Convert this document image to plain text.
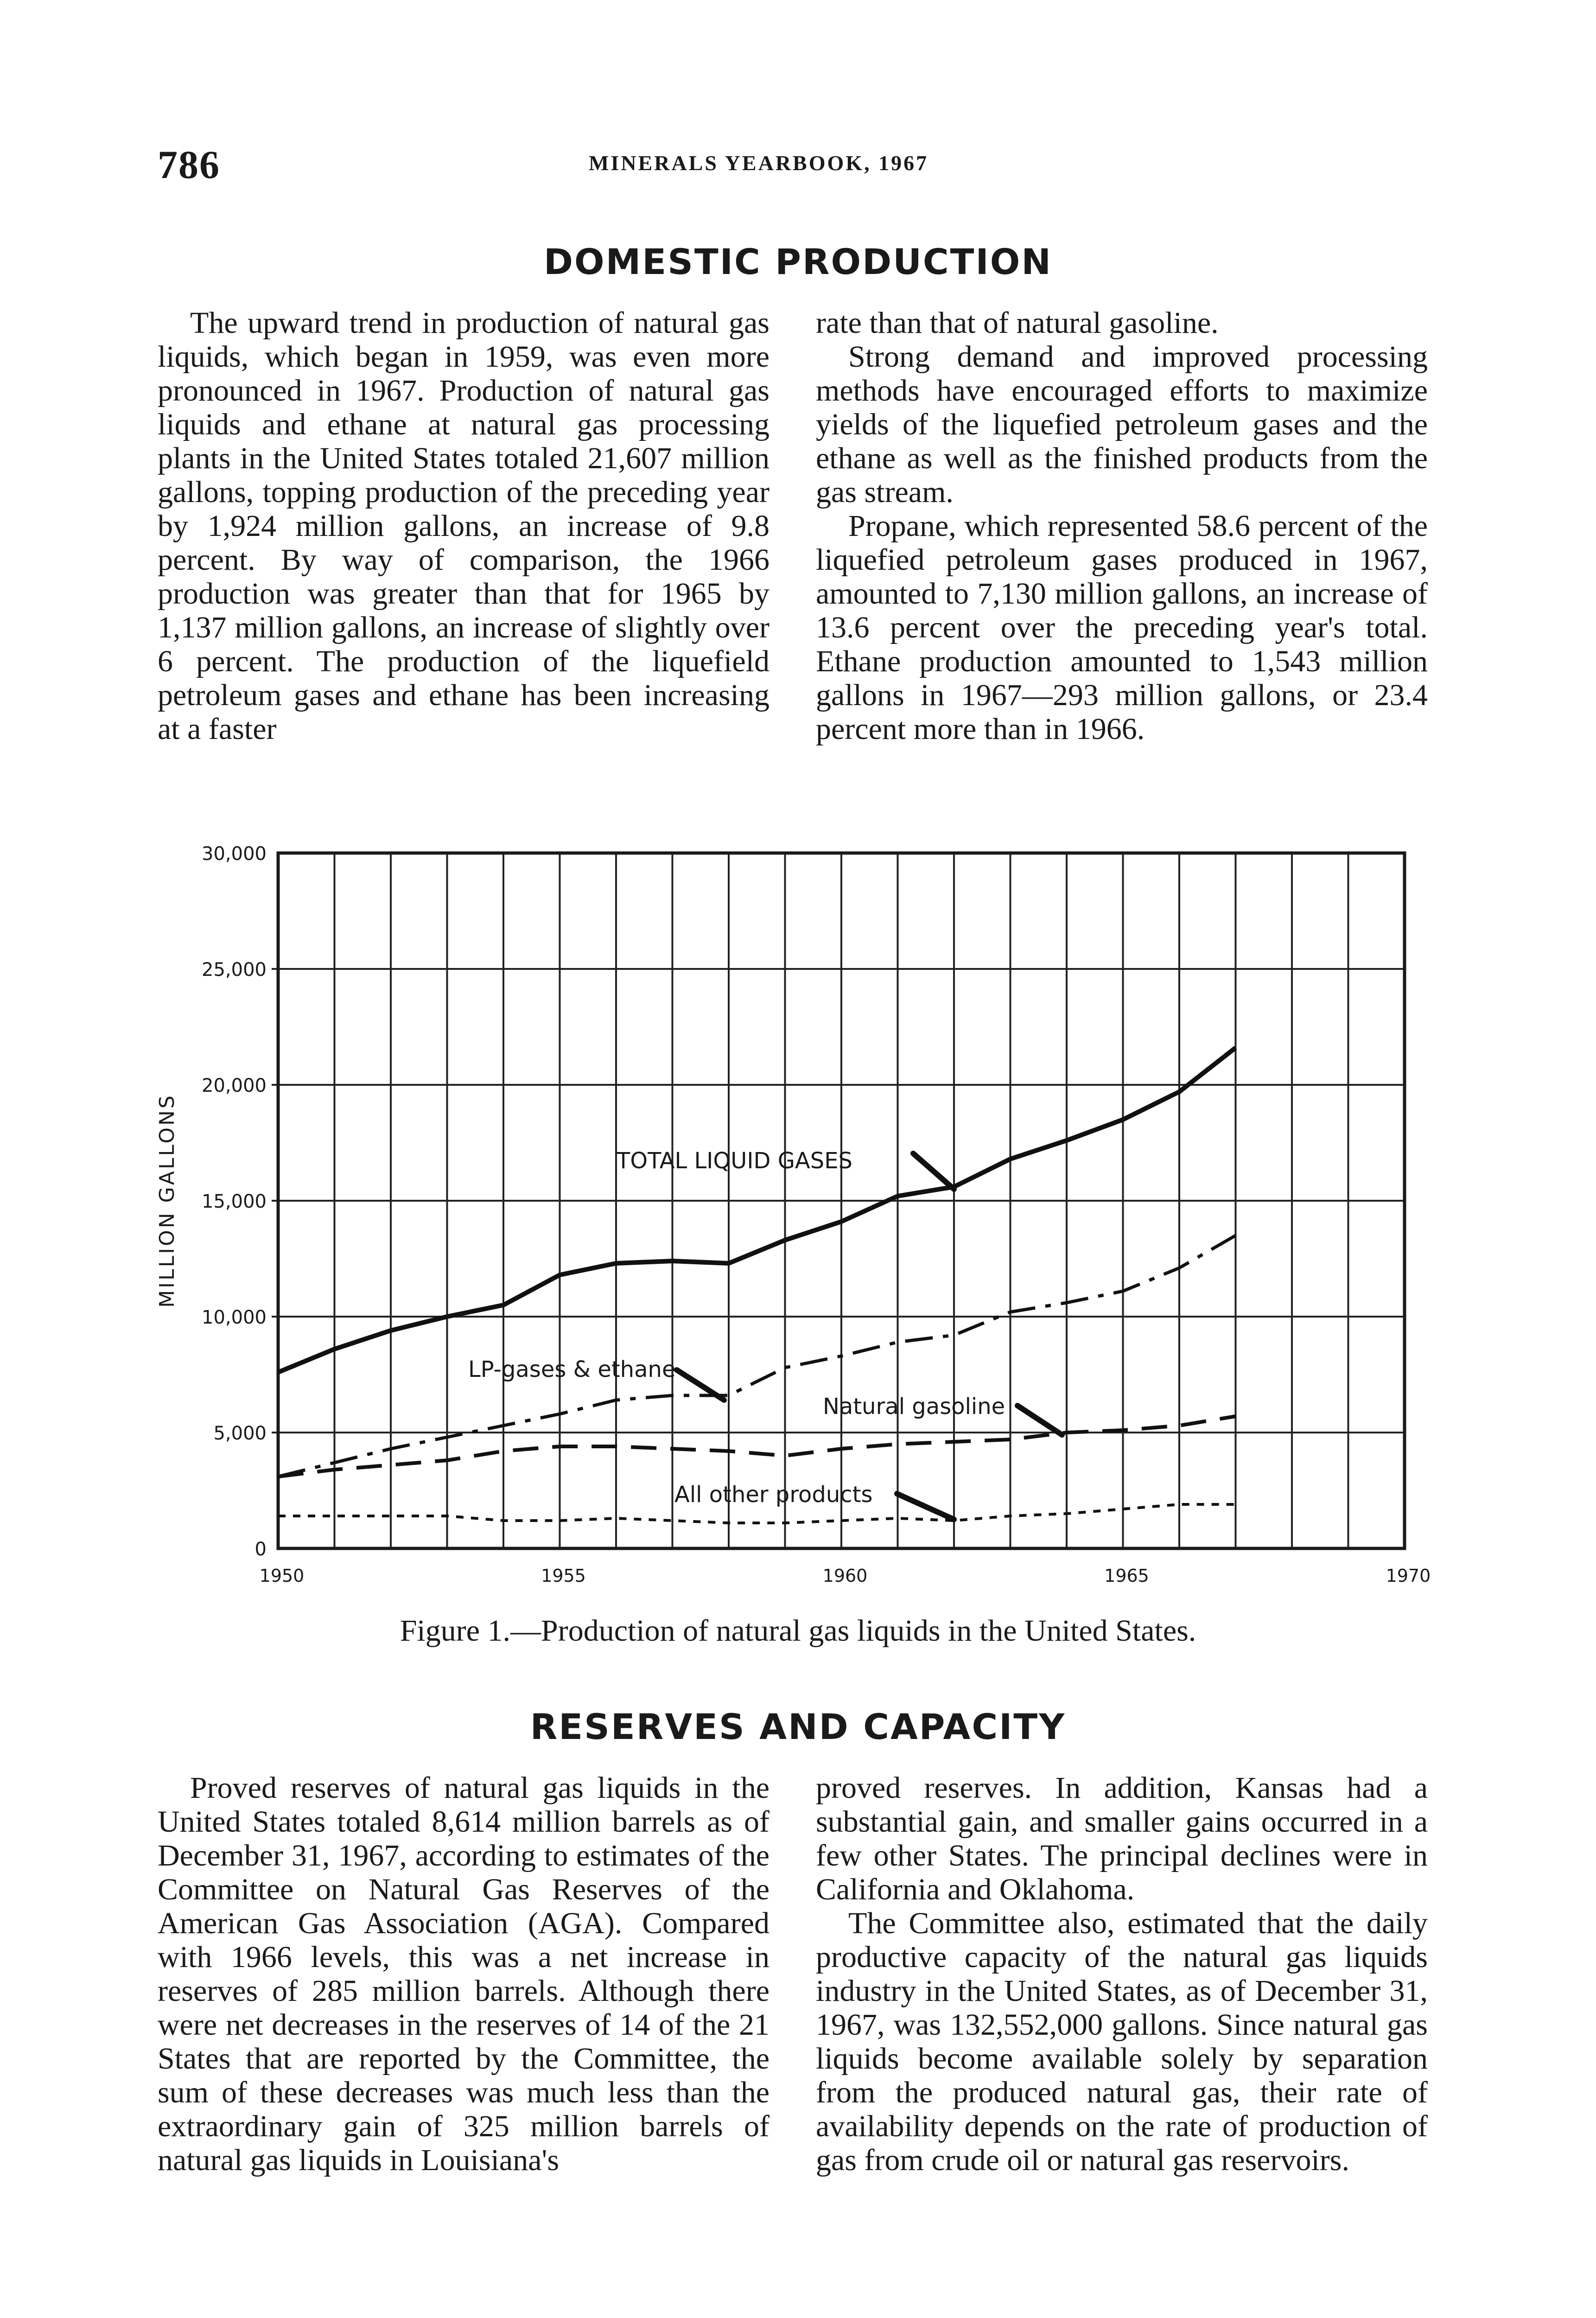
786	MINERALS YEARBOOK, 1967
DOMESTIC PRODUCTION

The upward trend in production of natural gas liquids, which began in 1959, was even more pronounced in 1967. Production of natural gas liquids and ethane at natural gas processing plants in the United States totaled 21,607 million gallons, topping production of the preceding year by 1,924 million gallons, an increase of 9.8 percent. By way of comparison, the 1966 production was greater than that for 1965 by 1,137 million gallons, an increase of slightly over 6 percent. The production of the liquefield petroleum gases and ethane has been increasing at a faster

rate than that of natural gasoline.

Strong demand and improved processing methods have encouraged efforts to maximize yields of the liquefied petroleum gases and the ethane as well as the finished products from the gas stream.

Propane, which represented 58.6 percent of the liquefied petroleum gases produced in 1967, amounted to 7,130 million gallons, an increase of 13.6 percent over the preceding year's total. Ethane production amounted to 1,543 million gallons in 1967—293 million gallons, or 23.4 percent more than in 1966.

0
5,000
10,000
15,000
20,000
25,000
30,000
1950	1955	1960	1965	1970
MILLION GALLONS	TOTAL LIQUID GASES
LP-gases & ethane
Natural gasoline
All other products
Figure 1.—Production of natural gas liquids in the United States.
RESERVES AND CAPACITY

Proved reserves of natural gas liquids in the United States totaled 8,614 million barrels as of December 31, 1967, according to estimates of the Committee on Natural Gas Reserves of the American Gas Association (AGA). Compared with 1966 levels, this was a net increase in reserves of 285 million barrels. Although there were net decreases in the reserves of 14 of the 21 States that are reported by the Committee, the sum of these decreases was much less than the extraordinary gain of 325 million barrels of natural gas liquids in Louisiana's

proved reserves. In addition, Kansas had a substantial gain, and smaller gains occurred in a few other States. The principal declines were in California and Oklahoma.

The Committee also, estimated that the daily productive capacity of the natural gas liquids industry in the United States, as of December 31, 1967, was 132,552,000 gallons. Since natural gas liquids become available solely by separation from the produced natural gas, their rate of availability depends on the rate of production of gas from crude oil or natural gas reservoirs.
